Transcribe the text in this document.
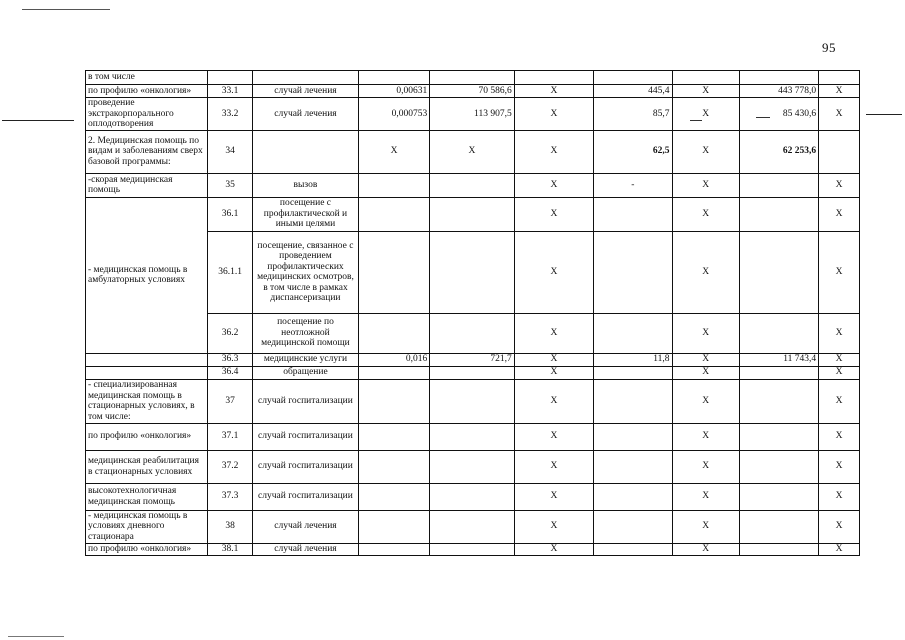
95
в том числе									
по профилю «онкология»	33.1	случай лечения	0,00631	70 586,6	X	445,4	X	443 778,0	X
проведение экстракорпорального оплодотворения	33.2	случай лечения	0,000753	113 907,5	X	85,7	X	85 430,6	X
2. Медицинская помощь по видам и заболеваниям сверх базовой программы:	34		X	X	X	62,5	X	62 253,6	
-скорая медицинская помощь	35	вызов			X	-	X		X
- медицинская помощь в амбулаторных условиях	36.1	посещение с профилактической и иными целями			X		X		X
	36.1.1	посещение, связанное с проведением профилактических медицинских осмотров, в том числе в рамках диспансеризации			X		X		X
	36.2	посещение по неотложной медицинской помощи			X		X		X
	36.3	медицинские услуги	0,016	721,7	X	11,8	X	11 743,4	X
	36.4	обращение			X		X		X
- специализированная медицинская помощь в стационарных условиях, в том числе:	37	случай госпитализации			X		X		X
по профилю «онкология»	37.1	случай госпитализации			X		X		X
медицинская реабилитация в стационарных условиях	37.2	случай госпитализации			X		X		X
высокотехнологичная медицинская помощь	37.3	случай госпитализации			X		X		X
- медицинская помощь в условиях дневного стационара	38	случай лечения			X		X		X
по профилю «онкология»	38.1	случай лечения			X		X		X
